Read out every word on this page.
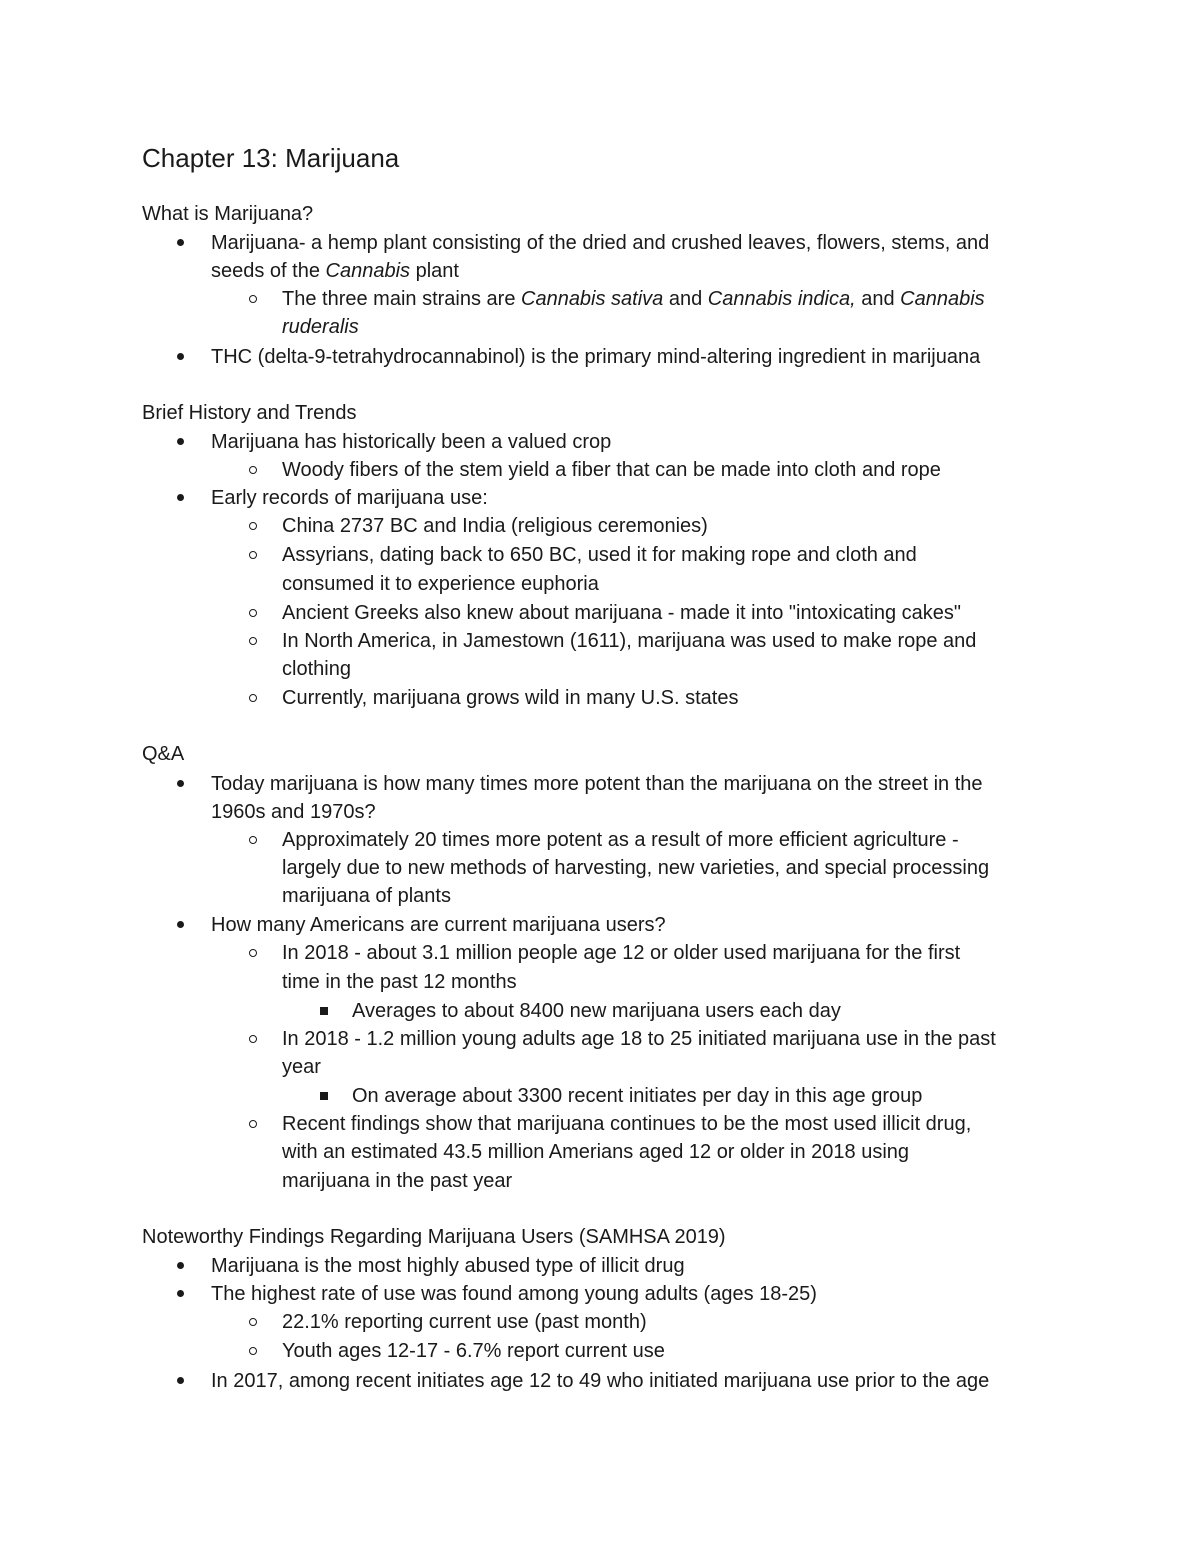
Chapter 13: Marijuana
What is Marijuana?
Marijuana- a hemp plant consisting of the dried and crushed leaves, flowers, stems, and
seeds of the Cannabis plant
The three main strains are Cannabis sativa and Cannabis indica, and Cannabis
ruderalis
THC (delta-9-tetrahydrocannabinol) is the primary mind-altering ingredient in marijuana
Brief History and Trends
Marijuana has historically been a valued crop
Woody fibers of the stem yield a fiber that can be made into cloth and rope
Early records of marijuana use:
China 2737 BC and India (religious ceremonies)
Assyrians, dating back to 650 BC, used it for making rope and cloth and
consumed it to experience euphoria
Ancient Greeks also knew about marijuana - made it into "intoxicating cakes"
In North America, in Jamestown (1611), marijuana was used to make rope and
clothing
Currently, marijuana grows wild in many U.S. states
Q&A
Today marijuana is how many times more potent than the marijuana on the street in the
1960s and 1970s?
Approximately 20 times more potent as a result of more efficient agriculture -
largely due to new methods of harvesting, new varieties, and special processing
marijuana of plants
How many Americans are current marijuana users?
In 2018 - about 3.1 million people age 12 or older used marijuana for the first
time in the past 12 months
Averages to about 8400 new marijuana users each day
In 2018 - 1.2 million young adults age 18 to 25 initiated marijuana use in the past
year
On average about 3300 recent initiates per day in this age group
Recent findings show that marijuana continues to be the most used illicit drug,
with an estimated 43.5 million Amerians aged 12 or older in 2018 using
marijuana in the past year
Noteworthy Findings Regarding Marijuana Users (SAMHSA 2019)
Marijuana is the most highly abused type of illicit drug
The highest rate of use was found among young adults (ages 18-25)
22.1% reporting current use (past month)
Youth ages 12-17 - 6.7% report current use
In 2017, among recent initiates age 12 to 49 who initiated marijuana use prior to the age
